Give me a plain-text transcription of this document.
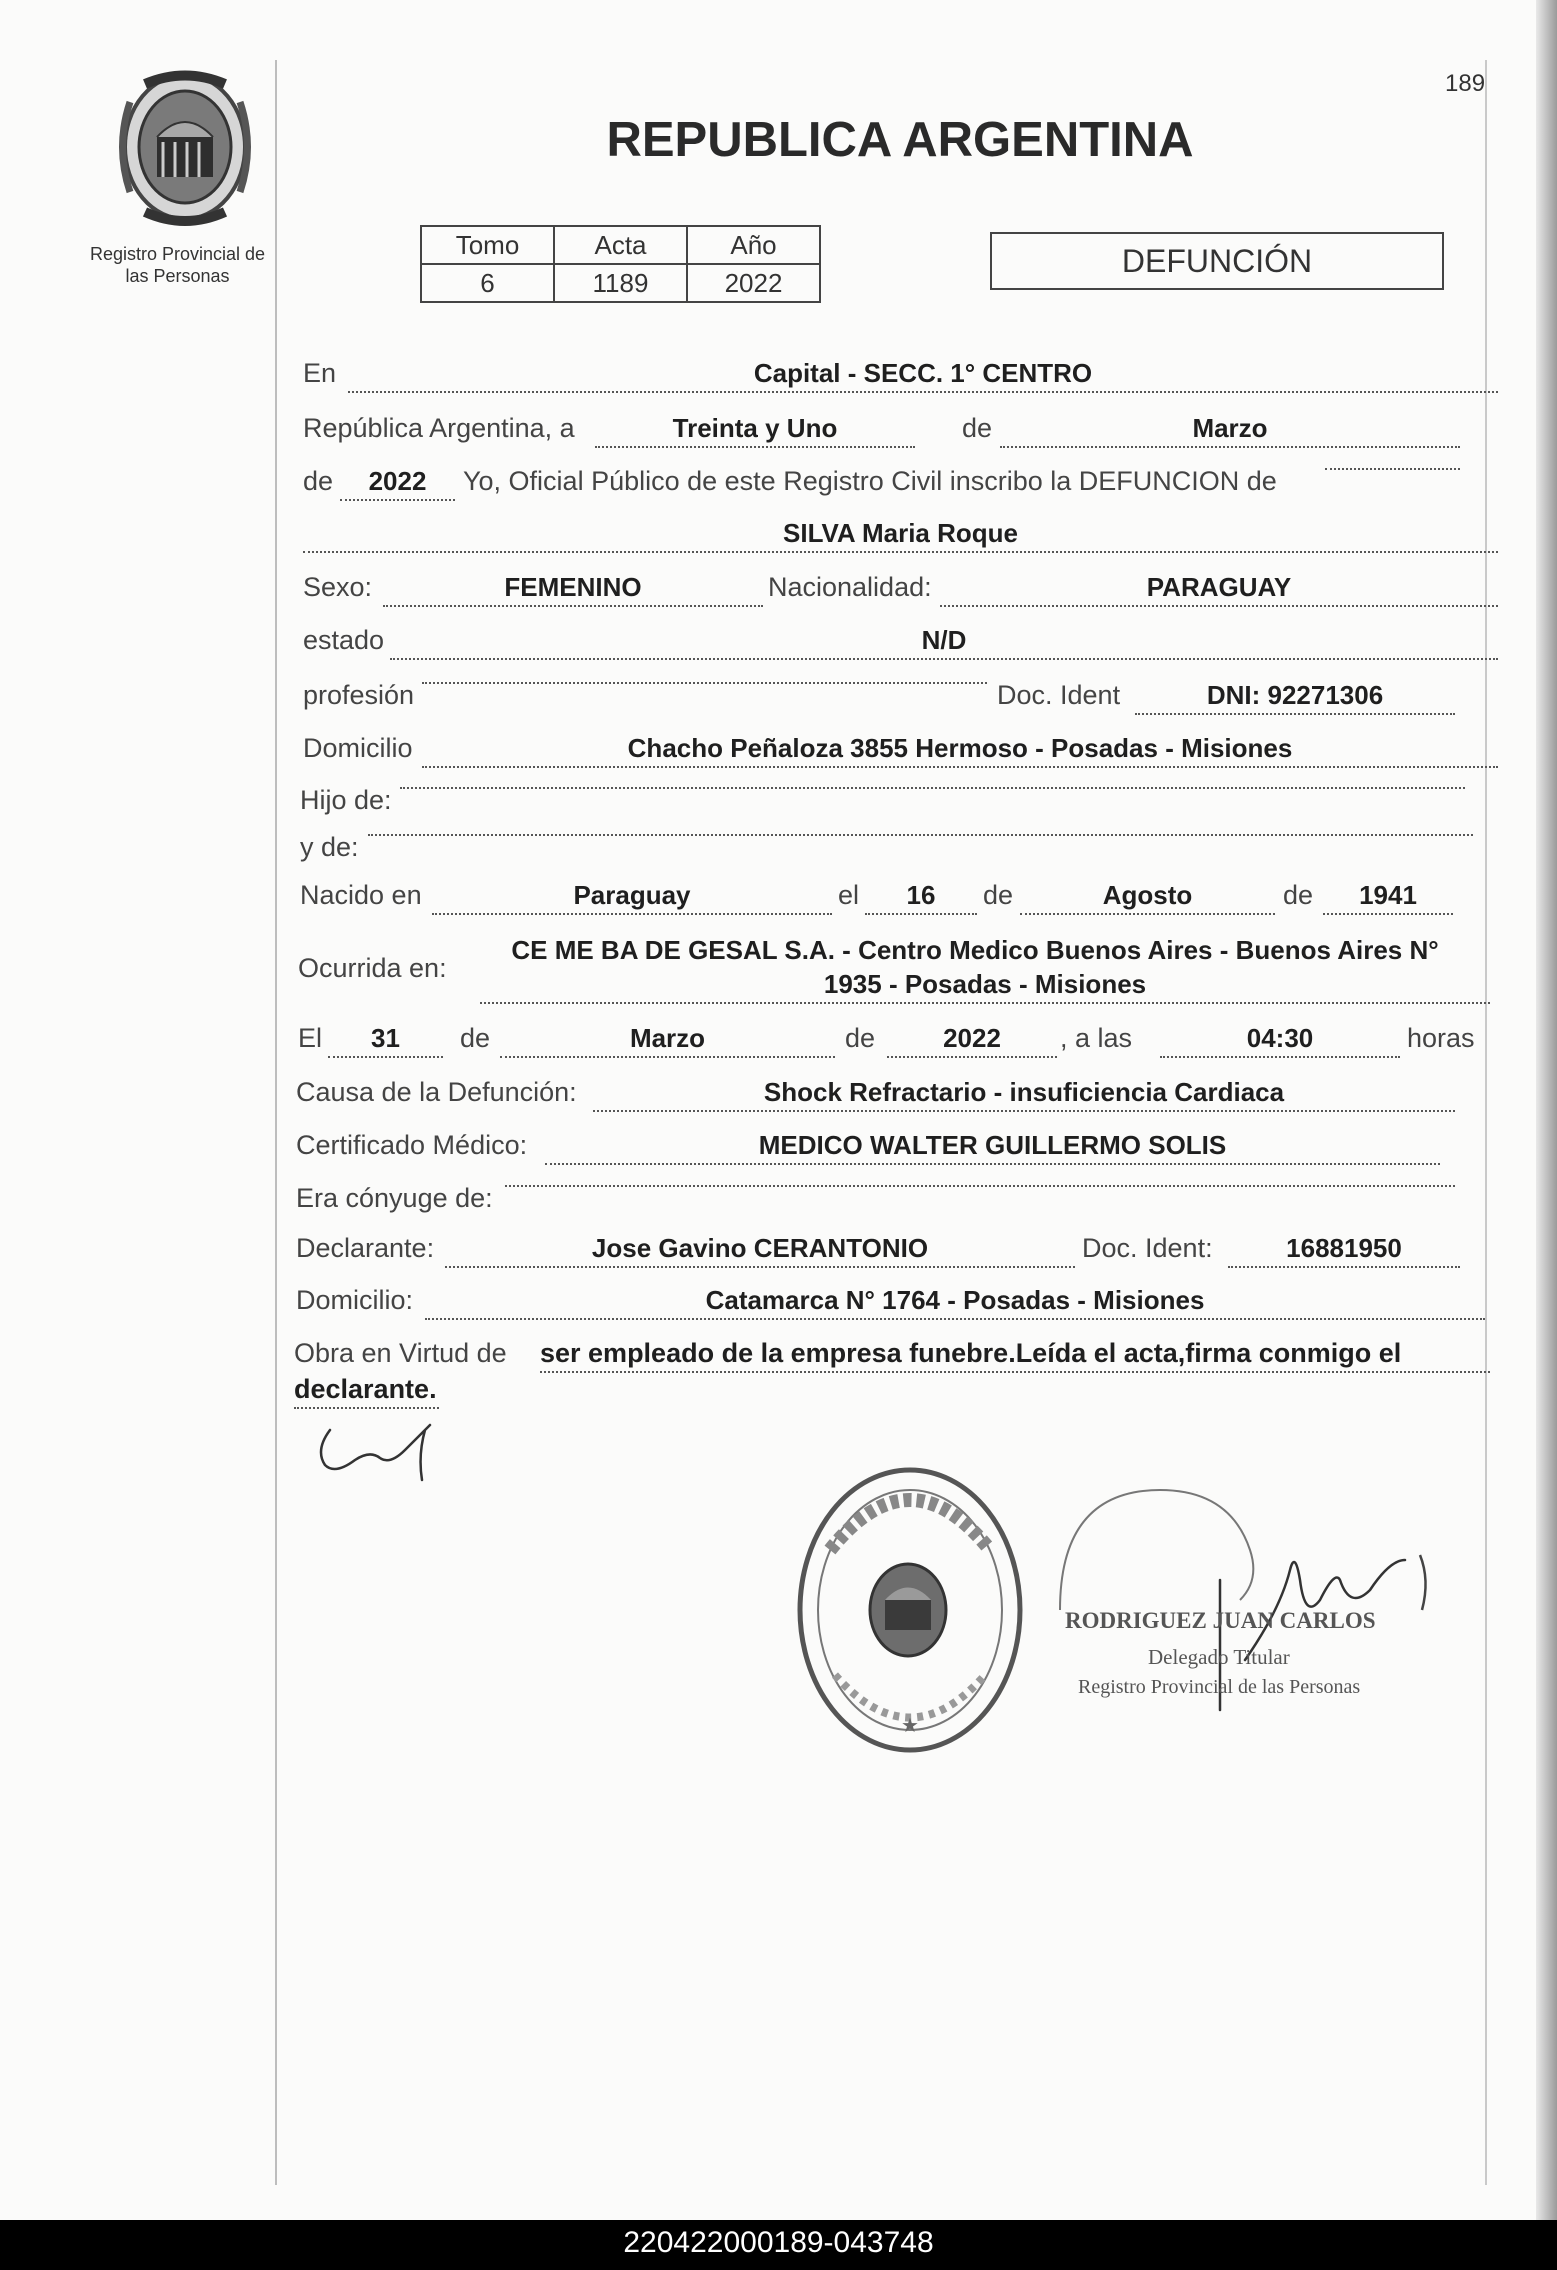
189
Registro Provincial de
las Personas
REPUBLICA ARGENTINA
Tomo	Acta	Año
6	1189	2022
DEFUNCIÓN
En	Capital - SECC. 1° CENTRO
República Argentina, a	Treinta y Uno	de	Marzo
de	2022	Yo, Oficial Público de este Registro Civil inscribo la DEFUNCION de
SILVA Maria Roque
Sexo:	FEMENINO	Nacionalidad:	PARAGUAY
estado	N/D
profesión	Doc. Ident	DNI: 92271306
Domicilio	Chacho Peñaloza 3855 Hermoso - Posadas - Misiones
Hijo de:
y de:
Nacido en	Paraguay	el	16	de	Agosto	de	1941
Ocurrida en:
CE ME BA DE GESAL S.A. - Centro Medico Buenos Aires - Buenos Aires N°
1935 - Posadas - Misiones
El	31	de	Marzo	de	2022	, a las	04:30	horas
Causa de la Defunción:	Shock Refractario - insuficiencia Cardiaca
Certificado Médico:	MEDICO WALTER GUILLERMO SOLIS
Era cónyuge de:
Declarante:	Jose Gavino CERANTONIO	Doc. Ident:	16881950
Domicilio:	Catamarca N° 1764 - Posadas - Misiones
Obra en Virtud de ser empleado de la empresa funebre.Leída el acta,firma conmigo el
declarante.
★
RODRIGUEZ JUAN CARLOS
Delegado Titular
Registro Provincial de las Personas
220422000189-043748
